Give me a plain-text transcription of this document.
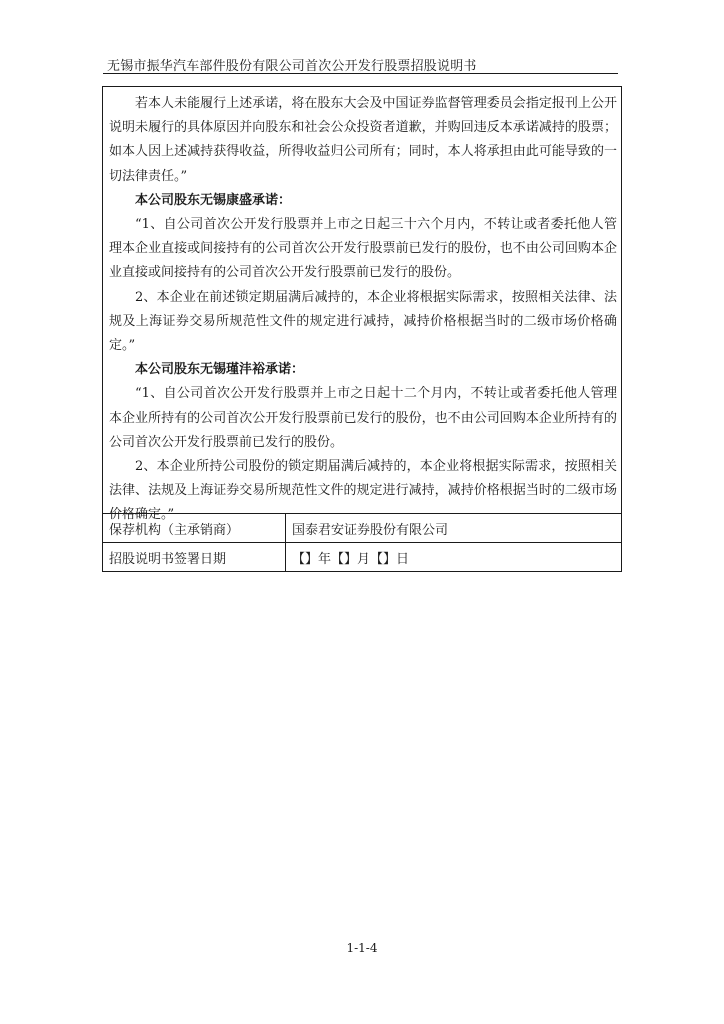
无锡市振华汽车部件股份有限公司首次公开发行股票招股说明书

若本人未能履行上述承诺，将在股东大会及中国证券监督管理委员会指定报刊上公开说明未履行的具体原因并向股东和社会公众投资者道歉，并购回违反本承诺减持的股票；如本人因上述减持获得收益，所得收益归公司所有；同时，本人将承担由此可能导致的一切法律责任。”

本公司股东无锡康盛承诺：

“1、自公司首次公开发行股票并上市之日起三十六个月内，不转让或者委托他人管理本企业直接或间接持有的公司首次公开发行股票前已发行的股份，也不由公司回购本企业直接或间接持有的公司首次公开发行股票前已发行的股份。

2、本企业在前述锁定期届满后减持的，本企业将根据实际需求，按照相关法律、法规及上海证券交易所规范性文件的规定进行减持，减持价格根据当时的二级市场价格确定。”

本公司股东无锡瑾沣裕承诺：

“1、自公司首次公开发行股票并上市之日起十二个月内，不转让或者委托他人管理本企业所持有的公司首次公开发行股票前已发行的股份，也不由公司回购本企业所持有的公司首次公开发行股票前已发行的股份。

2、本企业所持公司股份的锁定期届满后减持的，本企业将根据实际需求，按照相关法律、法规及上海证券交易所规范性文件的规定进行减持，减持价格根据当时的二级市场价格确定。”

保荐机构（主承销商）	国泰君安证券股份有限公司
招股说明书签署日期	【】年【】月【】日
1-1-4
